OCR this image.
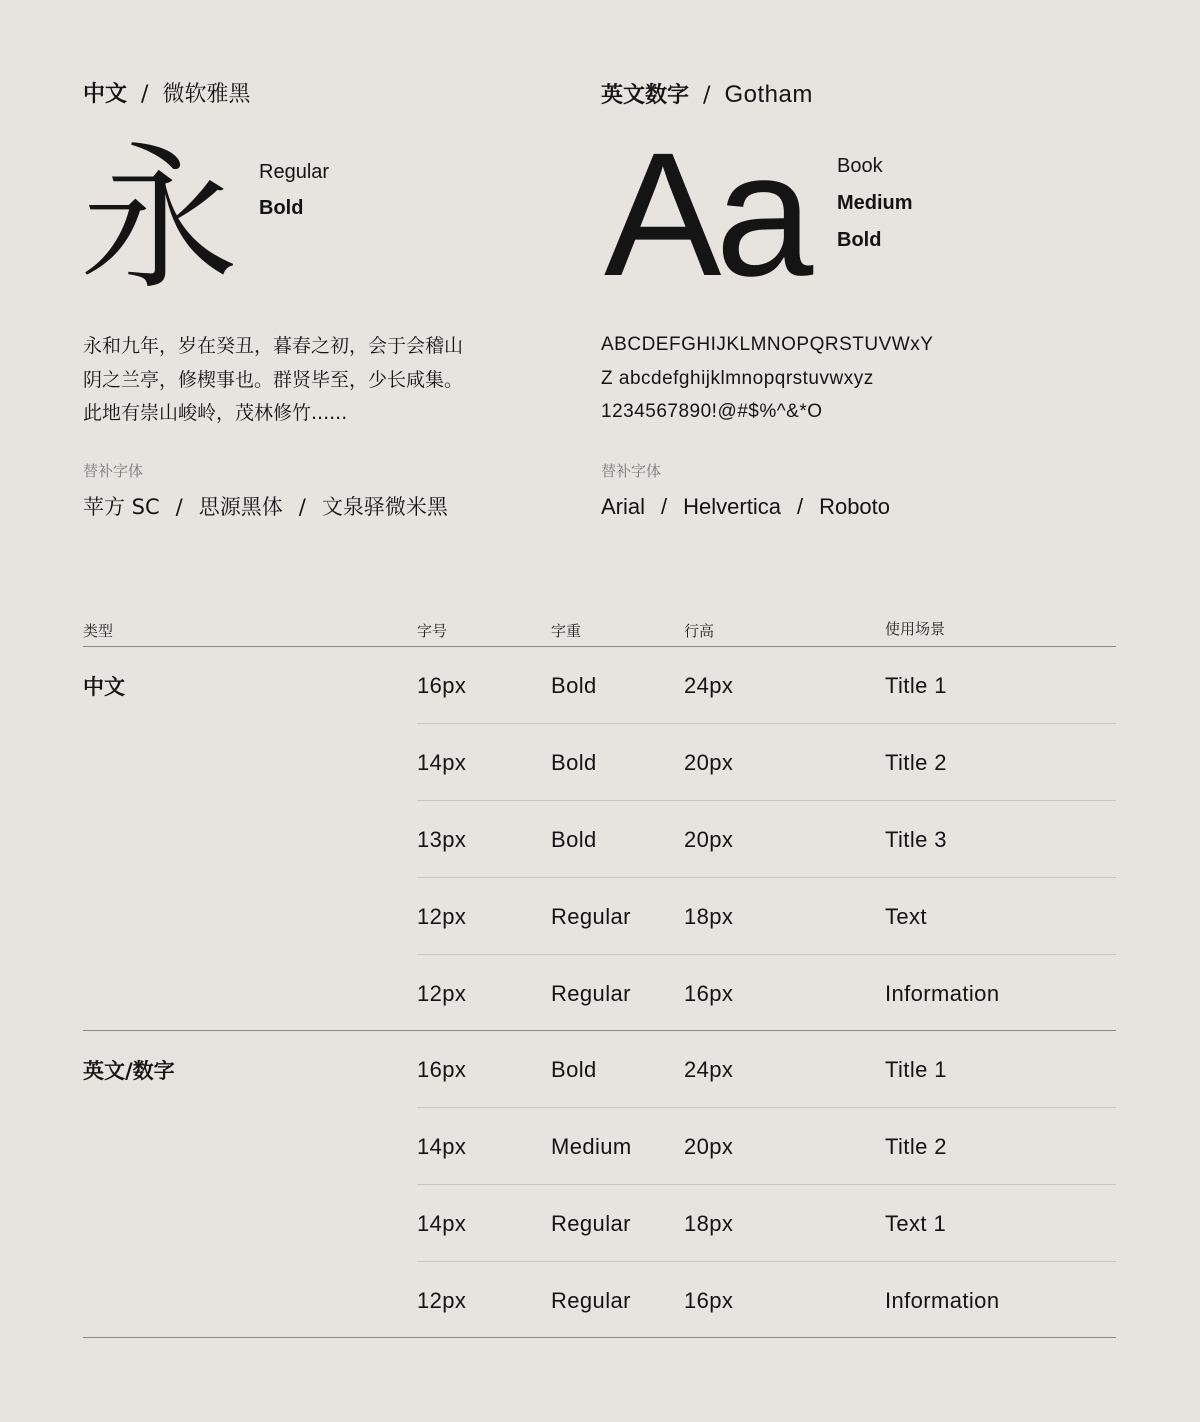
中文 / 微软雅黑
永 Regular
Bold
永和九年，岁在癸丑，暮春之初，会于会稽山阴之兰亭，修楔事也。群贤毕至，少长咸集。此地有崇山峻岭，茂林修竹......
替补字体
苹方 SC / 思源黑体 / 文泉驿微米黑
英文数字 / Gotham
Aa Book
Medium
Bold
ABCDEFGHIJKLMNOPQRSTUVWxY
Z abcdefghijklmnopqrstuvwxyz
1234567890!@#$%^&*O
替补字体
Arial / Helvertica / Roboto
类型	字号	字重	行高	使用场景
中文	16px	Bold	24px	Title 1
14px	Bold	20px	Title 2
13px	Bold	20px	Title 3
12px	Regular 18px	Text
12px	Regular 16px	Information
英文/数字	16px	Bold	24px	Title 1
14px	Medium 20px	Title 2
14px	Regular 18px	Text 1
12px	Regular 16px	Information
